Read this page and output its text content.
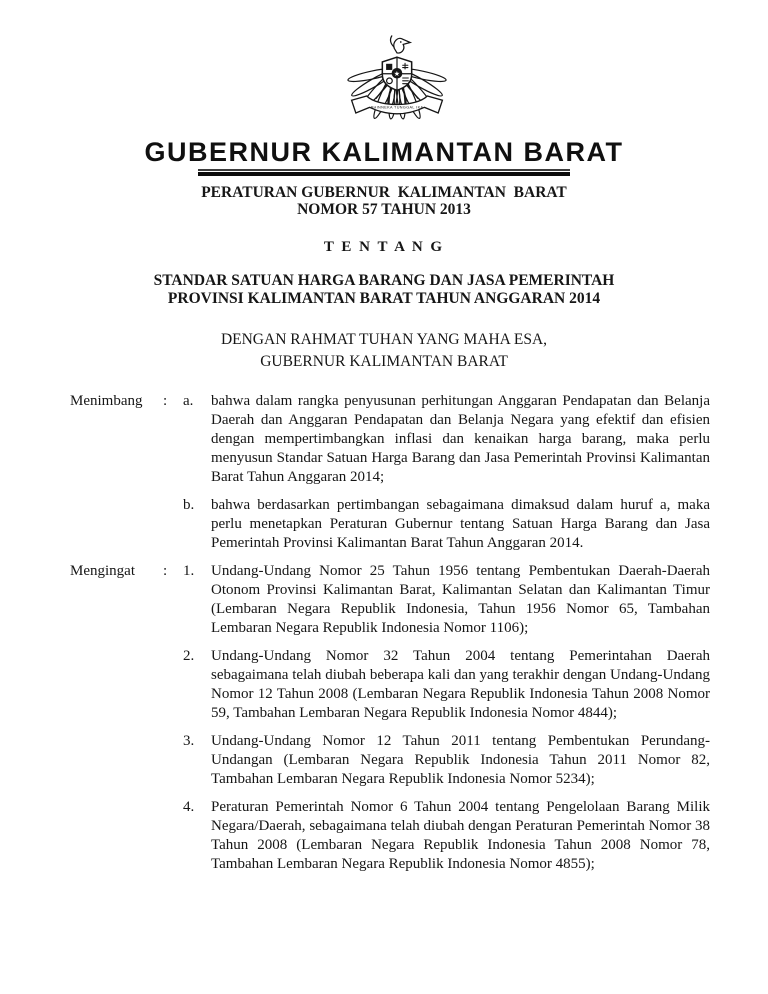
★
BHINNEKA TUNGGAL IKA
GUBERNUR KALIMANTAN BARAT
PERATURAN GUBERNUR  KALIMANTAN  BARAT
NOMOR 57 TAHUN 2013
T E N T A N G
STANDAR SATUAN HARGA BARANG DAN JASA PEMERINTAH
PROVINSI KALIMANTAN BARAT TAHUN ANGGARAN 2014
DENGAN RAHMAT TUHAN YANG MAHA ESA,
GUBERNUR KALIMANTAN BARAT
Menimbang	:	a.	bahwa dalam rangka penyusunan perhitungan Anggaran Pendapatan dan Belanja Daerah dan Anggaran Pendapatan dan Belanja Negara yang efektif dan efisien dengan mempertimbangkan inflasi dan kenaikan harga barang, maka perlu menyusun Standar Satuan Harga Barang dan Jasa Pemerintah Provinsi Kalimantan Barat Tahun Anggaran 2014;
b.	bahwa berdasarkan pertimbangan sebagaimana dimaksud dalam huruf a, maka perlu menetapkan Peraturan Gubernur tentang Satuan Harga Barang dan Jasa Pemerintah Provinsi Kalimantan Barat Tahun Anggaran 2014.
Mengingat	:	1.	Undang-Undang Nomor 25 Tahun 1956 tentang Pembentukan Daerah-Daerah Otonom Provinsi Kalimantan Barat, Kalimantan Selatan dan Kalimantan Timur (Lembaran Negara Republik Indonesia, Tahun 1956 Nomor 65, Tambahan Lembaran Negara Republik Indonesia Nomor 1106);
2.	Undang-Undang Nomor 32 Tahun 2004 tentang Pemerintahan Daerah sebagaimana telah diubah beberapa kali dan yang terakhir dengan Undang-Undang Nomor 12 Tahun 2008 (Lembaran Negara Republik Indonesia Tahun 2008 Nomor 59, Tambahan Lembaran Negara Republik Indonesia Nomor 4844);
3.	Undang-Undang Nomor 12 Tahun 2011 tentang Pembentukan Perundang-Undangan (Lembaran Negara Republik Indonesia Tahun 2011 Nomor 82, Tambahan Lembaran Negara Republik Indonesia Nomor 5234);
4.	Peraturan Pemerintah Nomor 6 Tahun 2004 tentang Pengelolaan Barang Milik Negara/Daerah, sebagaimana telah diubah dengan Peraturan Pemerintah Nomor 38 Tahun 2008 (Lembaran Negara Republik Indonesia Tahun 2008 Nomor 78, Tambahan Lembaran Negara Republik Indonesia Nomor 4855);
